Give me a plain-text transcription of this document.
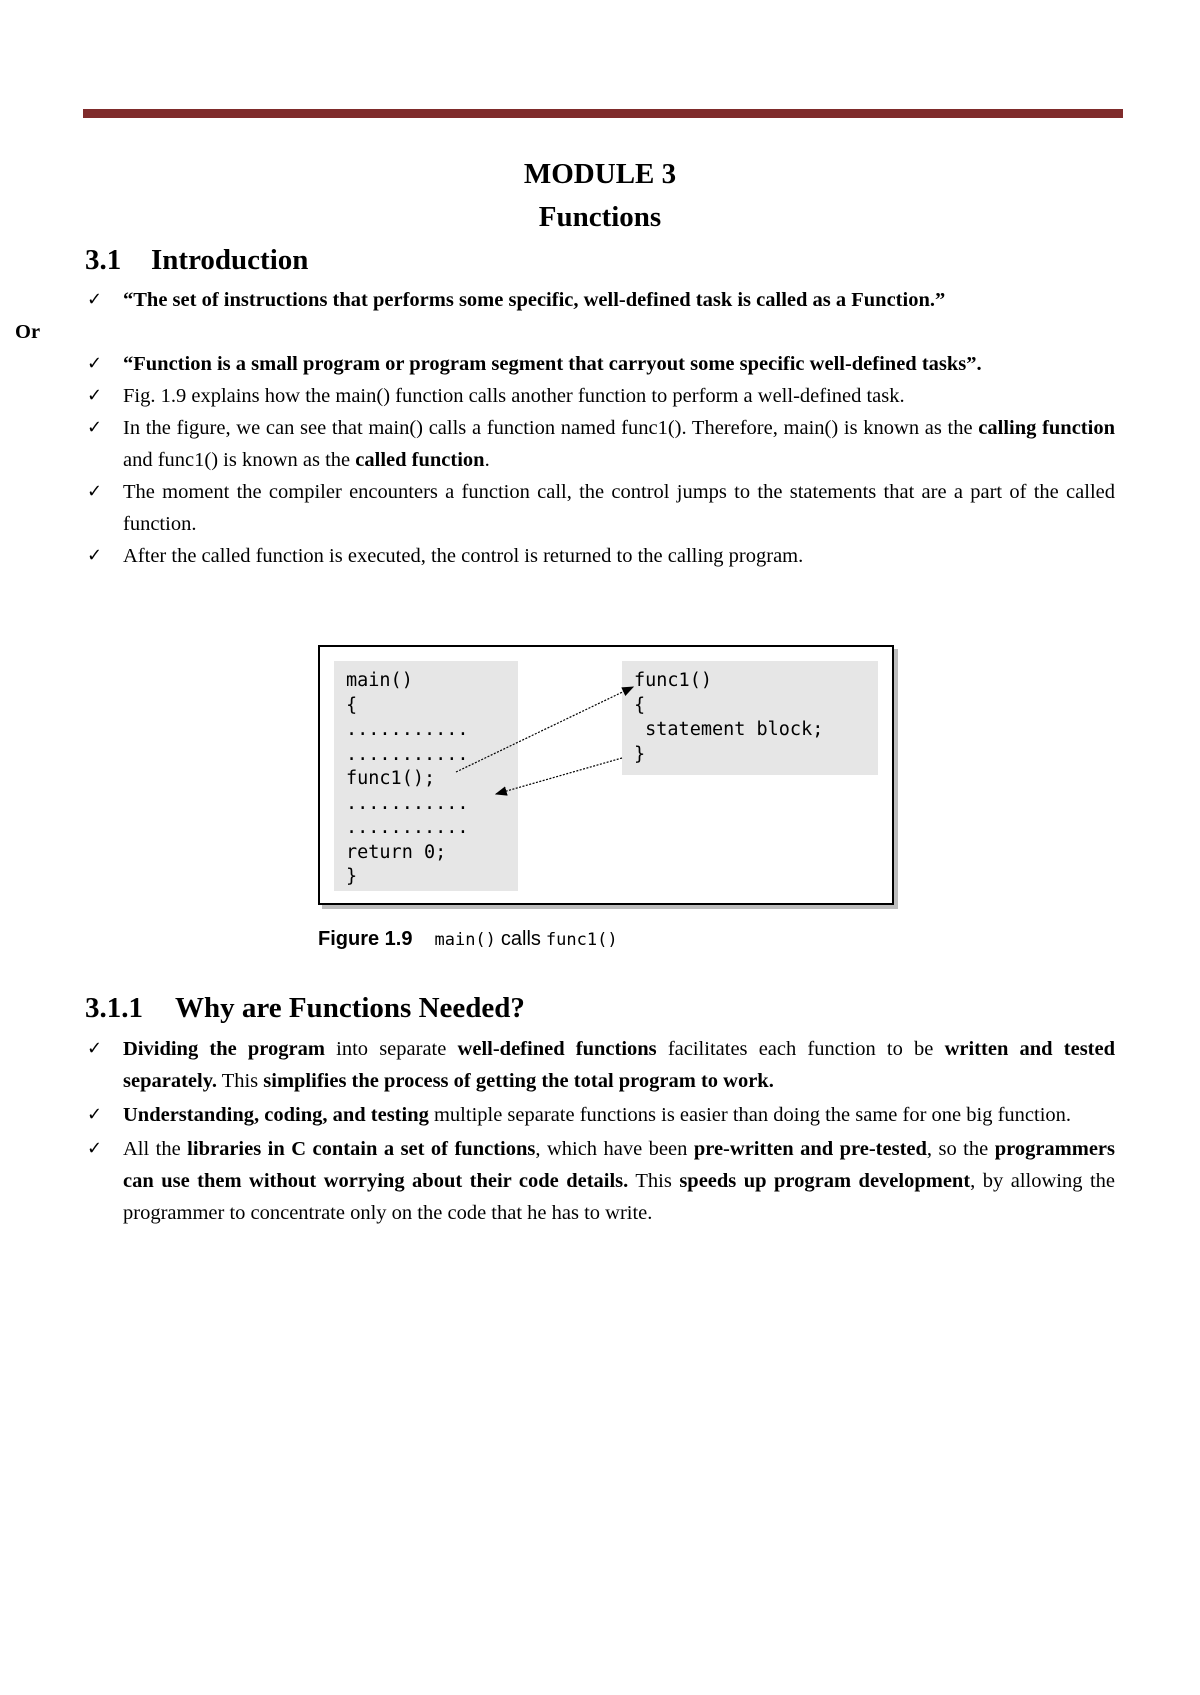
MODULE 3
Functions
3.1 Introduction
✓ “The set of instructions that performs some specific, well-defined task is called as a Function.”
Or
✓ “Function is a small program or program segment that carryout some specific well-defined tasks”.
✓ Fig. 1.9 explains how the main() function calls another function to perform a well-defined task.
✓ In the figure, we can see that main() calls a function named func1(). Therefore, main() is known as the calling function and func1() is known as the called function.
✓ The moment the compiler encounters a function call, the control jumps to the statements that are a part of the called function.
✓ After the called function is executed, the control is returned to the calling program.
main()
{
...........
...........
func1();
...........
...........
return 0;
}
func1()
{
statement block;
}
Figure 1.9 main() calls func1()
3.1.1 Why are Functions Needed?
✓ Dividing the program into separate well-defined functions facilitates each function to be written and tested separately. This simplifies the process of getting the total program to work.
✓ Understanding, coding, and testing multiple separate functions is easier than doing the same for one big function.
✓ All the libraries in C contain a set of functions, which have been pre-written and pre-tested, so the programmers can use them without worrying about their code details. This speeds up program development, by allowing the programmer to concentrate only on the code that he has to write.
